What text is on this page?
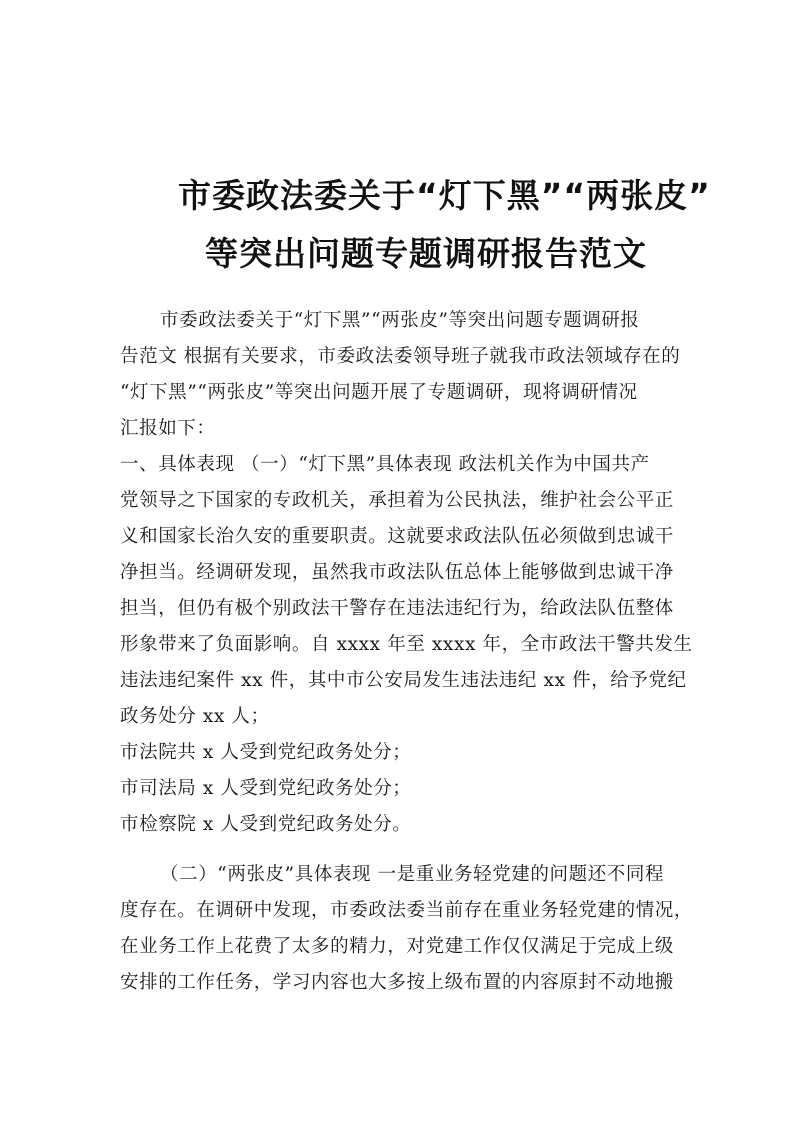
市委政法委关于“灯下黑”“两张皮”
等突出问题专题调研报告范文

市委政法委关于“灯下黑”“两张皮”等突出问题专题调研报

告范文 根据有关要求，市委政法委领导班子就我市政法领域存在的

“灯下黑”“两张皮”等突出问题开展了专题调研，现将调研情况

汇报如下：

一、具体表现 （一）“灯下黑”具体表现 政法机关作为中国共产

党领导之下国家的专政机关，承担着为公民执法，维护社会公平正

义和国家长治久安的重要职责。这就要求政法队伍必须做到忠诚干

净担当。经调研发现，虽然我市政法队伍总体上能够做到忠诚干净

担当，但仍有极个别政法干警存在违法违纪行为，给政法队伍整体

形象带来了负面影响。自 xxxx 年至 xxxx 年，全市政法干警共发生

违法违纪案件 xx 件，其中市公安局发生违法违纪 xx 件，给予党纪

政务处分 xx 人；

市法院共 x 人受到党纪政务处分；

市司法局 x 人受到党纪政务处分；

市检察院 x 人受到党纪政务处分。

（二）“两张皮”具体表现 一是重业务轻党建的问题还不同程

度存在。在调研中发现，市委政法委当前存在重业务轻党建的情况，

在业务工作上花费了太多的精力，对党建工作仅仅满足于完成上级

安排的工作任务，学习内容也大多按上级布置的内容原封不动地搬
